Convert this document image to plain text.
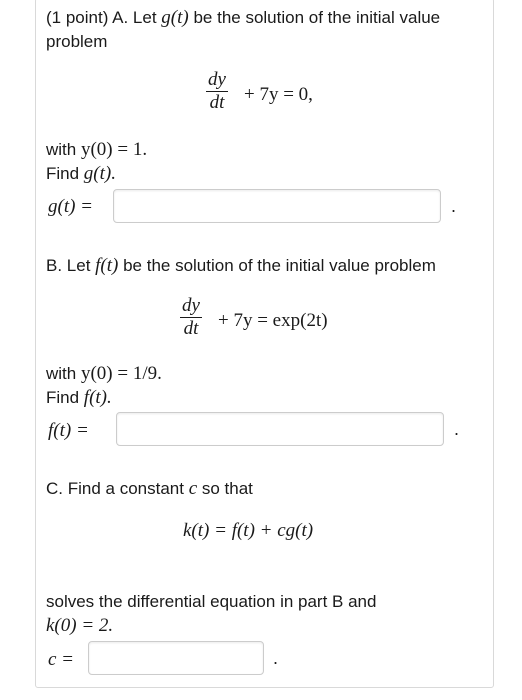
(1 point) A. Let g(t) be the solution of the initial value
problem
$\frac{dy}{dt} + 7y = 0$,
with y(0) = 1.
Find g(t).
g(t) =	.
B. Let f(t) be the solution of the initial value problem
$\frac{dy}{dt} + 7y = \exp(2t)$
with y(0) = 1/9.
Find f(t).
f(t) =	.
C. Find a constant c so that
k(t) = f(t) + cg(t)
solves the differential equation in part B and
k(0) = 2.
c =	.
